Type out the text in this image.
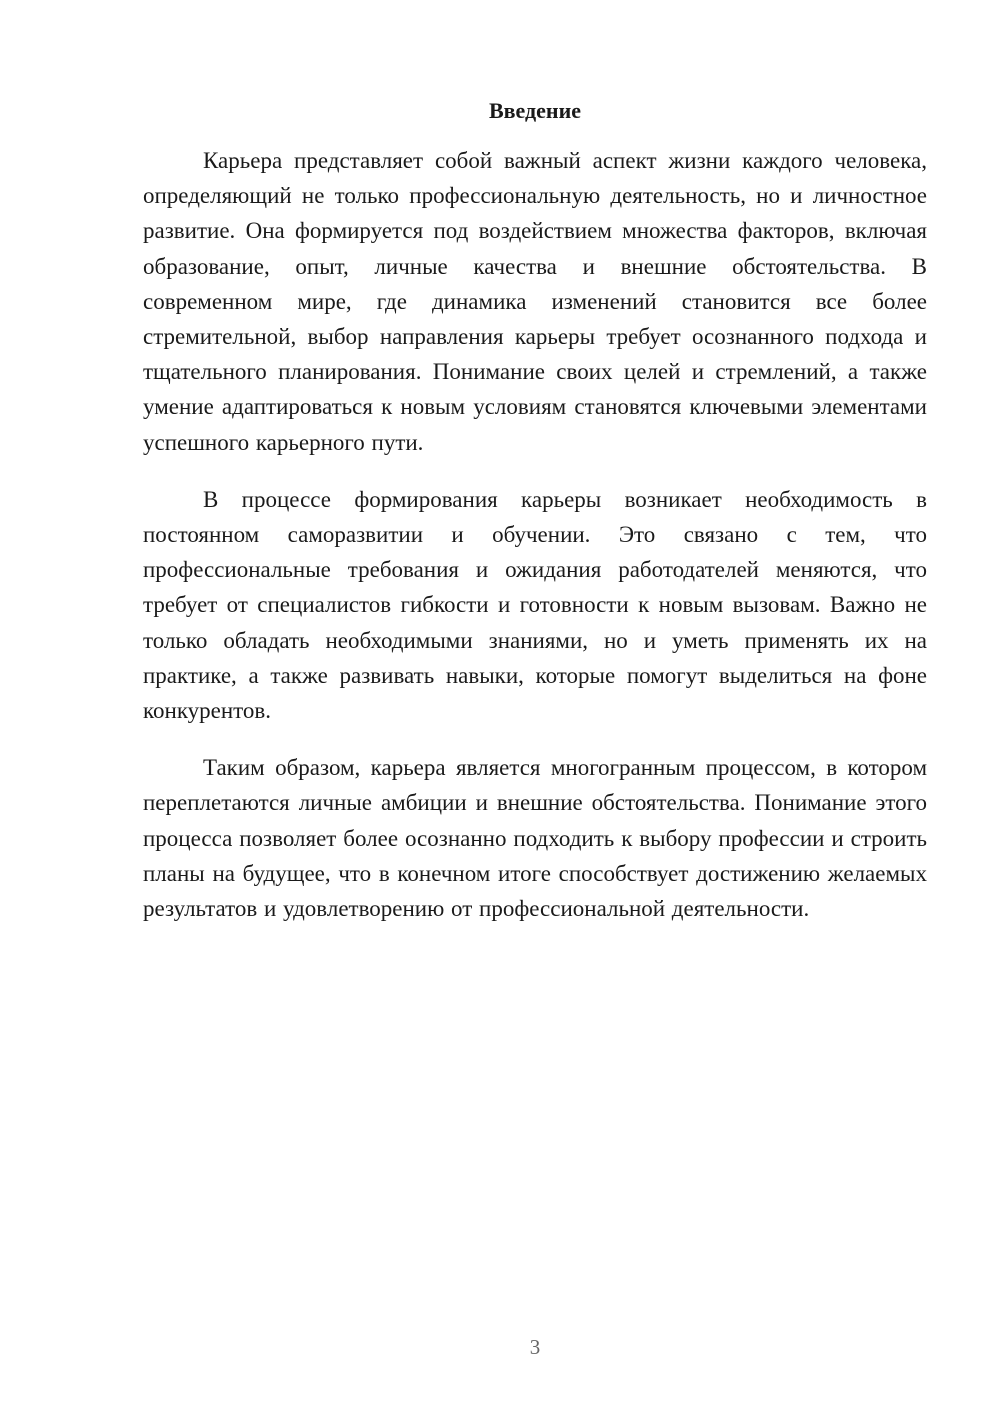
Введение

Карьера представляет собой важный аспект жизни каждого человека, определяющий не только профессиональную деятельность, но и личностное развитие. Она формируется под воздействием множества факторов, включая образование, опыт, личные качества и внешние обстоятельства. В современном мире, где динамика изменений становится все более стремительной, выбор направления карьеры требует осознанного подхода и тщательного планирования. Понимание своих целей и стремлений, а также умение адаптироваться к новым условиям становятся ключевыми элементами успешного карьерного пути.

В процессе формирования карьеры возникает необходимость в постоянном саморазвитии и обучении. Это связано с тем, что профессиональные требования и ожидания работодателей меняются, что требует от специалистов гибкости и готовности к новым вызовам. Важно не только обладать необходимыми знаниями, но и уметь применять их на практике, а также развивать навыки, которые помогут выделиться на фоне конкурентов.

Таким образом, карьера является многогранным процессом, в котором переплетаются личные амбиции и внешние обстоятельства. Понимание этого процесса позволяет более осознанно подходить к выбору профессии и строить планы на будущее, что в конечном итоге способствует достижению желаемых результатов и удовлетворению от профессиональной деятельности.

3
